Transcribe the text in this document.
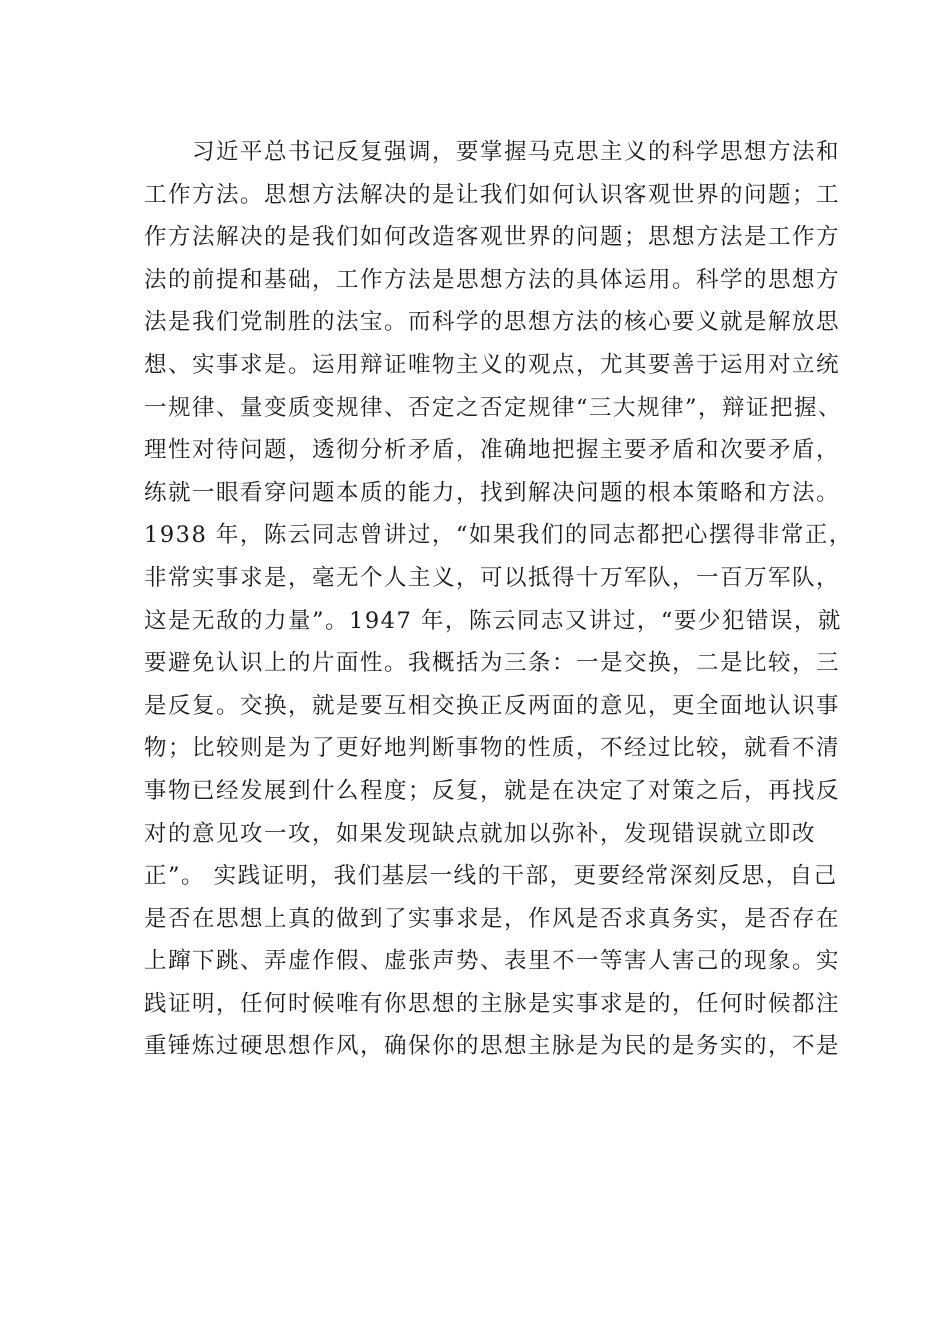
习近平总书记反复强调，要掌握马克思主义的科学思想方法和
工作方法。思想方法解决的是让我们如何认识客观世界的问题；工
作方法解决的是我们如何改造客观世界的问题；思想方法是工作方
法的前提和基础，工作方法是思想方法的具体运用。科学的思想方
法是我们党制胜的法宝。而科学的思想方法的核心要义就是解放思
想、实事求是。运用辩证唯物主义的观点，尤其要善于运用对立统
一规律、量变质变规律、否定之否定规律“三大规律”，辩证把握、
理性对待问题，透彻分析矛盾，准确地把握主要矛盾和次要矛盾，
练就一眼看穿问题本质的能力，找到解决问题的根本策略和方法。
1938 年，陈云同志曾讲过，“如果我们的同志都把心摆得非常正，
非常实事求是，毫无个人主义，可以抵得十万军队，一百万军队，
这是无敌的力量”。1947 年，陈云同志又讲过，“要少犯错误，就
要避免认识上的片面性。我概括为三条：一是交换，二是比较，三
是反复。交换，就是要互相交换正反两面的意见，更全面地认识事
物；比较则是为了更好地判断事物的性质，不经过比较，就看不清
事物已经发展到什么程度；反复，就是在决定了对策之后，再找反
对的意见攻一攻，如果发现缺点就加以弥补，发现错误就立即改
正”。 实践证明，我们基层一线的干部，更要经常深刻反思，自己
是否在思想上真的做到了实事求是，作风是否求真务实，是否存在
上蹿下跳、弄虚作假、虚张声势、表里不一等害人害己的现象。实
践证明，任何时候唯有你思想的主脉是实事求是的，任何时候都注
重锤炼过硬思想作风，确保你的思想主脉是为民的是务实的，不是
